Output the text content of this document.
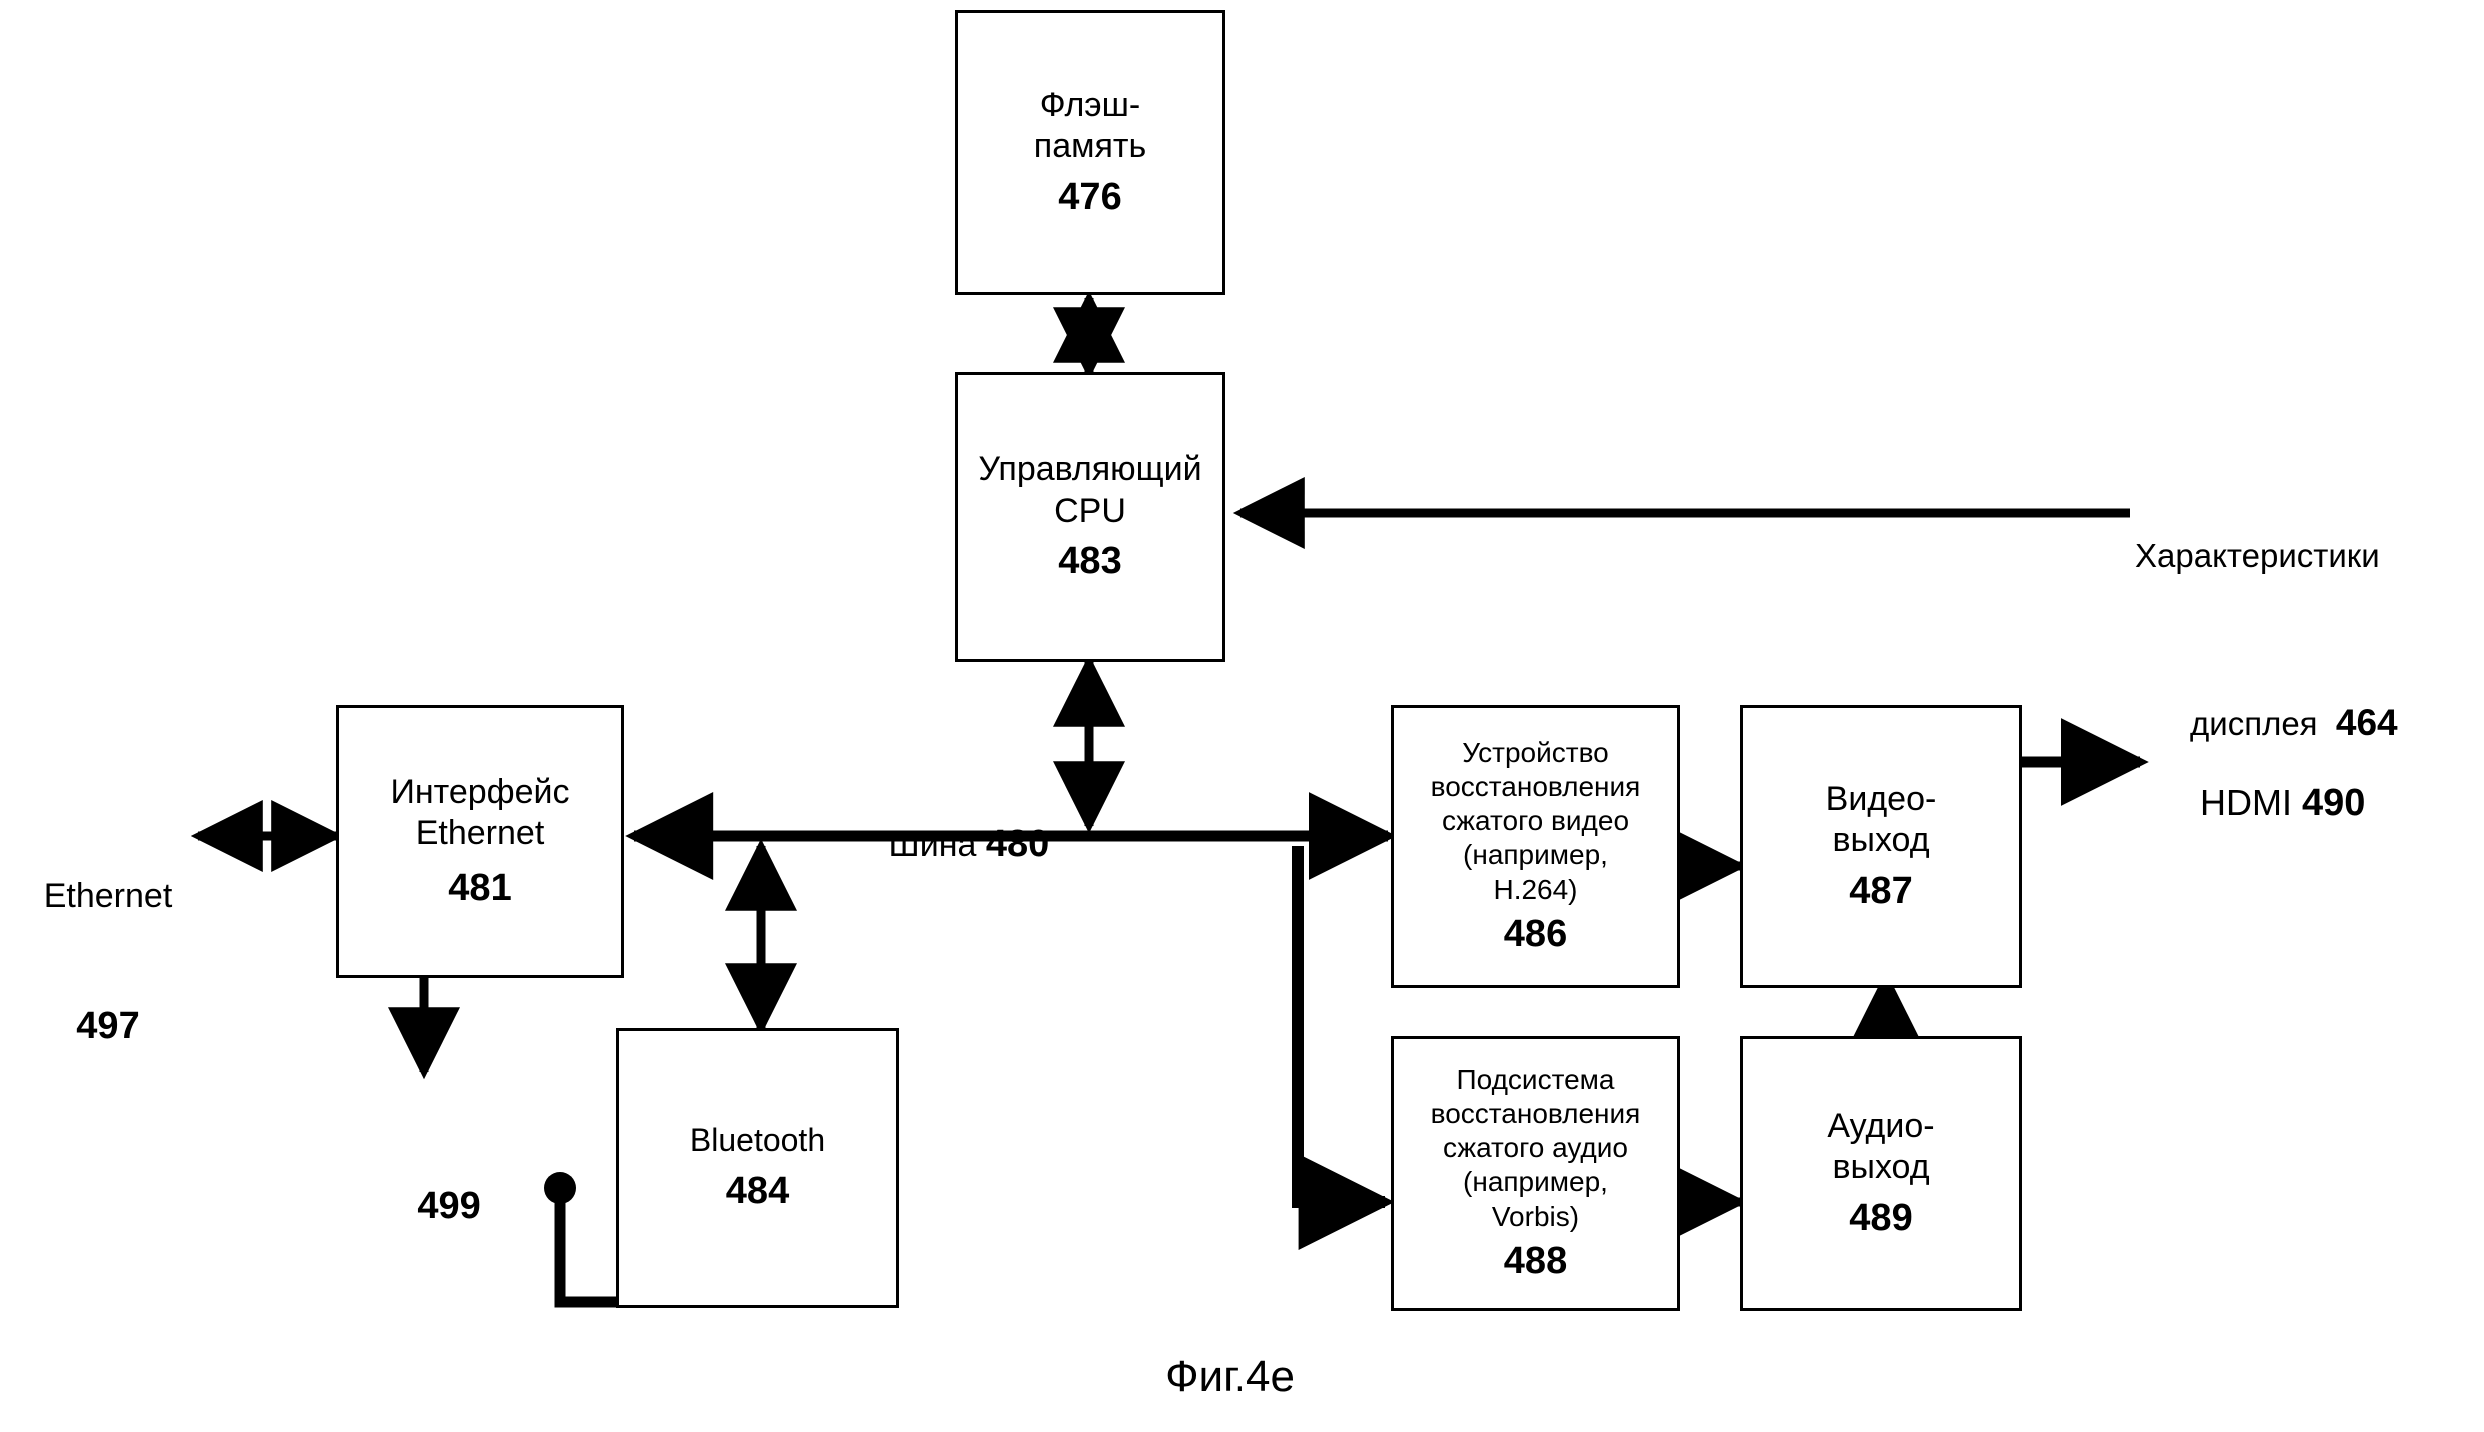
Флэш-
память
476
Управляющий
CPU
483

	Характеристики

дисплея 464

Интерфейс
Ethernet
481
Bluetooth
484
Устройство
восстановления
сжатого видео
(например,
H.264)
486
Подсистема
восстановления
сжатого аудио
(например,
Vorbis)
488
Видео-
выход
487
Аудио-
выход
489

Шина 480

Ethernet

497

499

HDMI 490

Фиг.4e
